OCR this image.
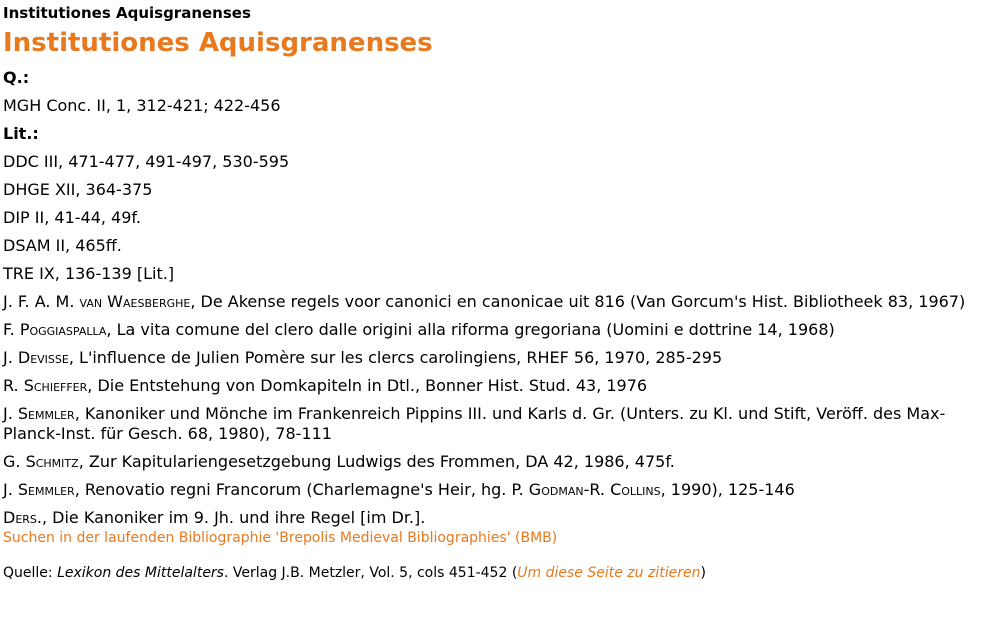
Institutiones Aquisgranenses
Institutiones Aquisgranenses
Q.:
MGH Conc. II, 1, 312-421; 422-456
Lit.:
DDC III, 471-477, 491-497, 530-595
DHGE XII, 364-375
DIP II, 41-44, 49f.
DSAM II, 465ff.
TRE IX, 136-139 [Lit.]
J. F. A. M. van Waesberghe, De Akense regels voor canonici en canonicae uit 816 (Van Gorcum's Hist. Bibliotheek 83, 1967)
F. Poggiaspalla, La vita comune del clero dalle origini alla riforma gregoriana (Uomini e dottrine 14, 1968)
J. Devisse, L'influence de Julien Pomère sur les clercs carolingiens, RHEF 56, 1970, 285-295
R. Schieffer, Die Entstehung von Domkapiteln in Dtl., Bonner Hist. Stud. 43, 1976
J. Semmler, Kanoniker und Mönche im Frankenreich Pippins III. und Karls d. Gr. (Unters. zu Kl. und Stift, Veröff. des Max-Planck-Inst. für Gesch. 68, 1980), 78-111
G. Schmitz, Zur Kapitulariengesetzgebung Ludwigs des Frommen, DA 42, 1986, 475f.
J. Semmler, Renovatio regni Francorum (Charlemagne's Heir, hg. P. Godman-R. Collins, 1990), 125-146
Ders., Die Kanoniker im 9. Jh. und ihre Regel [im Dr.].
Suchen in der laufenden Bibliographie 'Brepolis Medieval Bibliographies' (BMB)
Quelle: Lexikon des Mittelalters. Verlag J.B. Metzler, Vol. 5, cols 451-452 (Um diese Seite zu zitieren)
